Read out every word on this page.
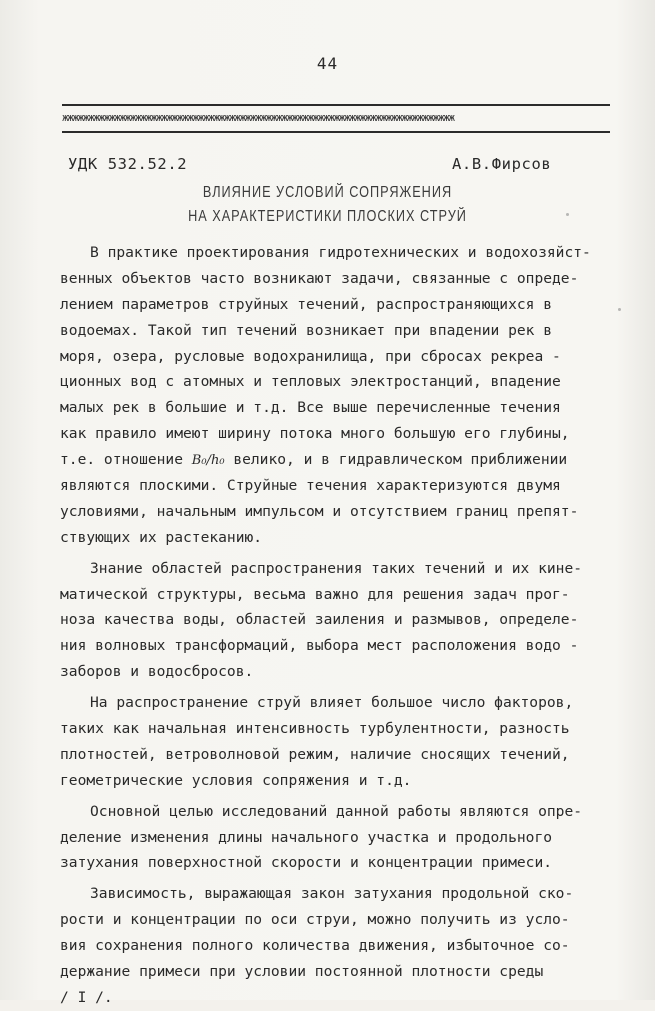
44
жжжжжжжжжжжжжжжжжжжжжжжжжжжжжжжжжжжжжжжжжжжжжжжжжжжжжжжжжжжжжжжжжжжжжжжжжжж
УДК 532.52.2	А.В.Фирсов
ВЛИЯНИЕ УСЛОВИЙ СОПРЯЖЕНИЯ
НА ХАРАКТЕРИСТИКИ ПЛОСКИХ СТРУЙ
В практике проектирования гидротехнических и водохозяйст-
венных объектов часто возникают задачи, связанные с опреде-
лением параметров струйных течений, распространяющихся в
водоемах. Такой тип течений возникает при впадении рек в
моря, озера, русловые водохранилища, при сбросах рекреа -
ционных вод с атомных и тепловых электростанций, впадение
малых рек в большие и т.д. Все выше перечисленные течения
как правило имеют ширину потока много большую его глубины,
т.е. отношение B₀/h₀ велико, и в гидравлическом приближении
являются плоскими. Струйные течения характеризуются двумя
условиями, начальным импульсом и отсутствием границ препят-
ствующих их растеканию.
Знание областей распространения таких течений и их кине-
матической структуры, весьма важно для решения задач прог-
ноза качества воды, областей заиления и размывов, определе-
ния волновых трансформаций, выбора мест расположения водо -
заборов и водосбросов.
На распространение струй влияет большое число факторов,
таких как начальная интенсивность турбулентности, разность
плотностей, ветроволновой режим, наличие сносящих течений,
геометрические условия сопряжения и т.д.
Основной целью исследований данной работы являются опре-
деление изменения длины начального участка и продольного
затухания поверхностной скорости и концентрации примеси.
Зависимость, выражающая закон затухания продольной ско-
рости и концентрации по оси струи, можно получить из усло-
вия сохранения полного количества движения, избыточное со-
держание примеси при условии постоянной плотности среды
/ I /.
